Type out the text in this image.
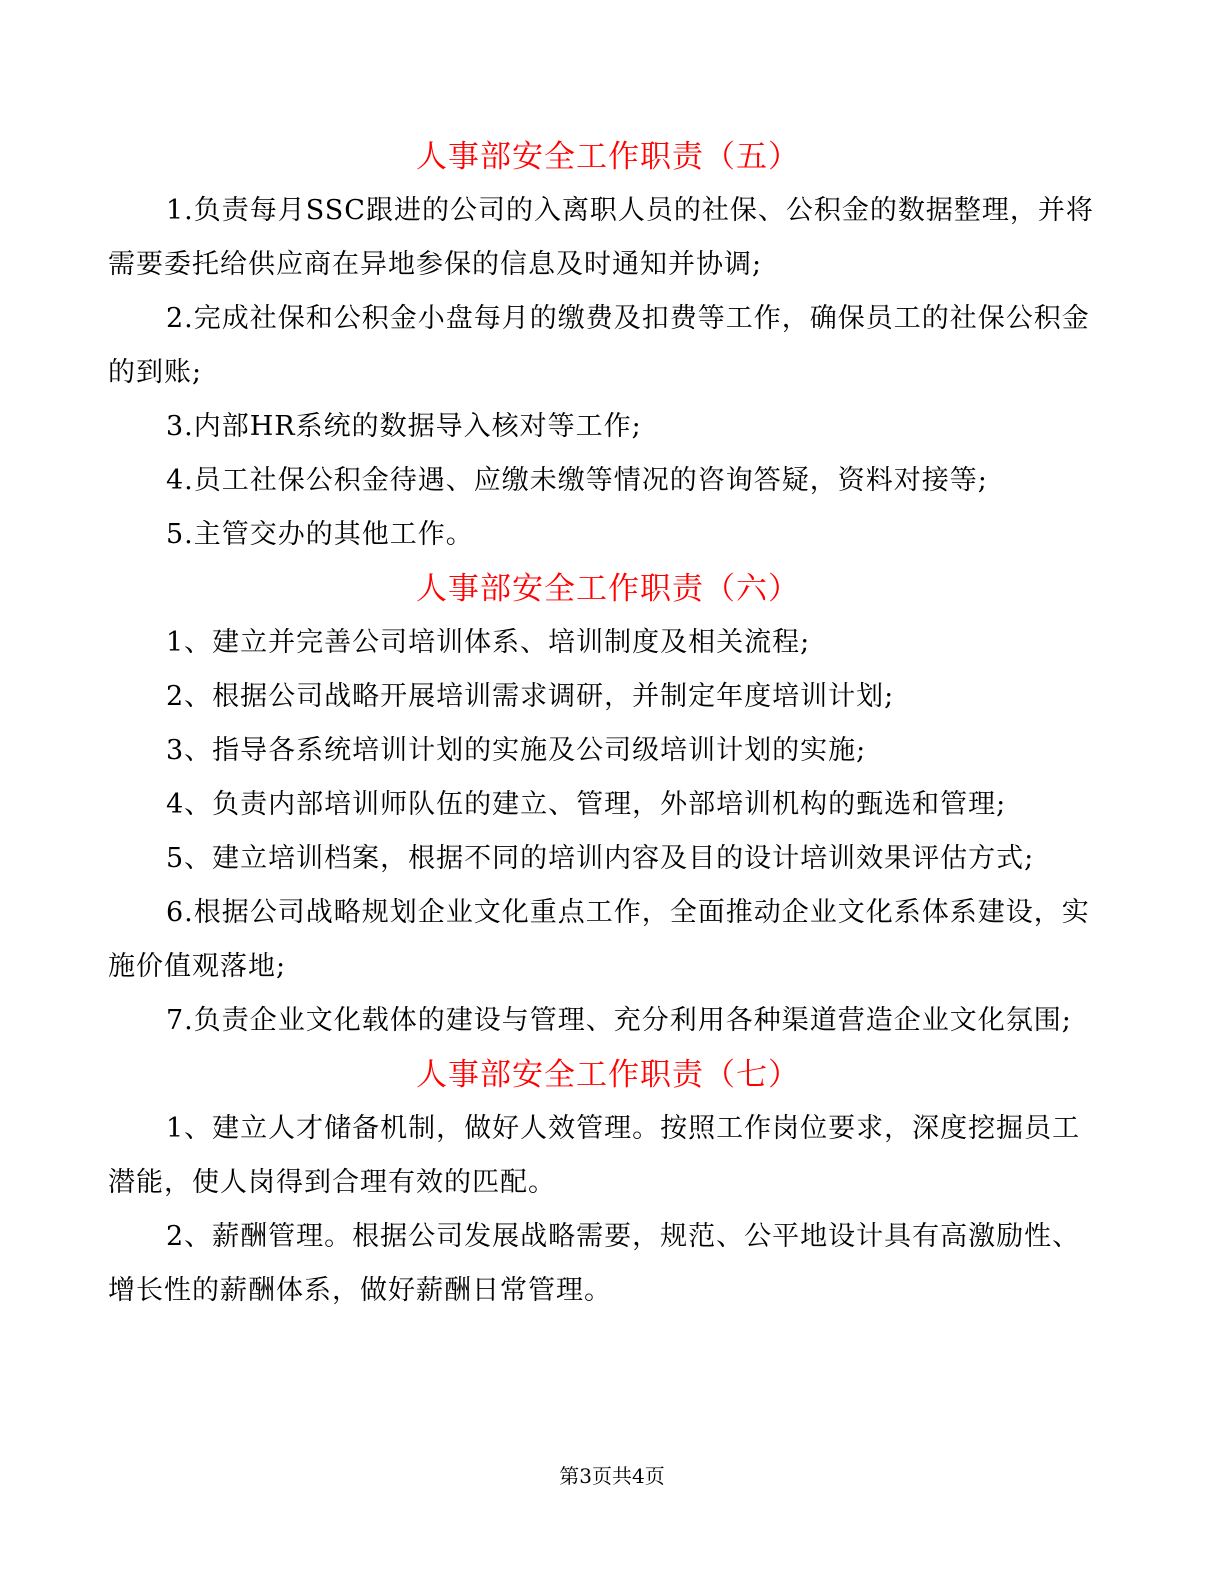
人事部安全工作职责（五）

1.负责每月SSC跟进的公司的入离职人员的社保、公积金的数据整理，并将需要委托给供应商在异地参保的信息及时通知并协调;

2.完成社保和公积金小盘每月的缴费及扣费等工作，确保员工的社保公积金的到账;

3.内部HR系统的数据导入核对等工作;

4.员工社保公积金待遇、应缴未缴等情况的咨询答疑，资料对接等;

5.主管交办的其他工作。

人事部安全工作职责（六）

1、建立并完善公司培训体系、培训制度及相关流程;

2、根据公司战略开展培训需求调研，并制定年度培训计划;

3、指导各系统培训计划的实施及公司级培训计划的实施;

4、负责内部培训师队伍的建立、管理，外部培训机构的甄选和管理;

5、建立培训档案，根据不同的培训内容及目的设计培训效果评估方式;

6.根据公司战略规划企业文化重点工作，全面推动企业文化系体系建设，实施价值观落地;

7.负责企业文化载体的建设与管理、充分利用各种渠道营造企业文化氛围;

人事部安全工作职责（七）

1、建立人才储备机制，做好人效管理。按照工作岗位要求，深度挖掘员工潜能，使人岗得到合理有效的匹配。

2、薪酬管理。根据公司发展战略需要，规范、公平地设计具有高激励性、增长性的薪酬体系，做好薪酬日常管理。

第3页共4页
